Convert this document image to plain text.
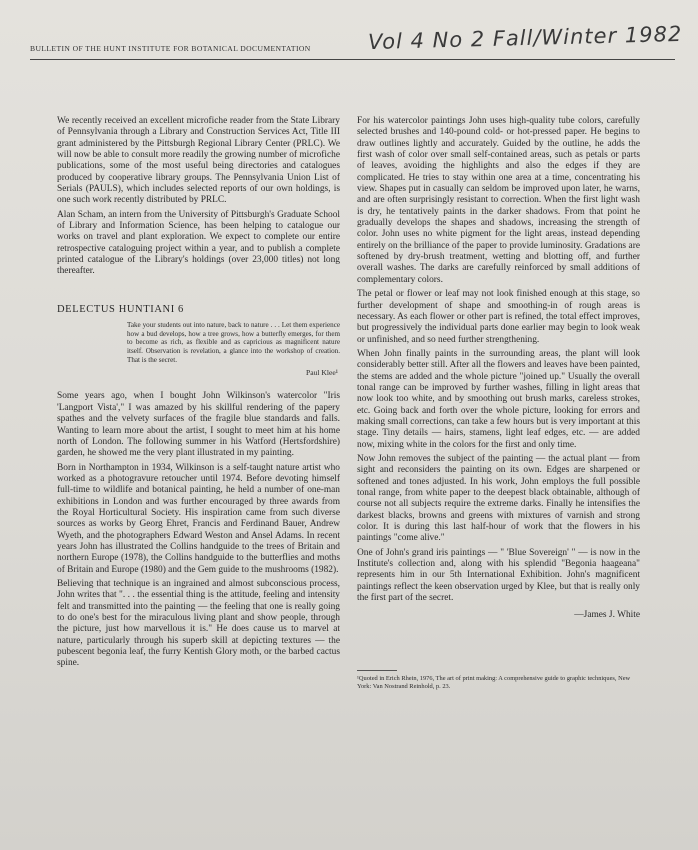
BULLETIN OF THE HUNT INSTITUTE FOR BOTANICAL DOCUMENTATION	Vol 4 No 2 Fall/Winter 1982

We recently received an excellent microfiche reader from the State Library of Pennsylvania through a Library and Construction Services Act, Title III grant administered by the Pittsburgh Regional Library Center (PRLC). We will now be able to consult more readily the growing number of microfiche publications, some of the most useful being directories and catalogues produced by cooperative library groups. The Pennsylvania Union List of Serials (PAULS), which includes selected reports of our own holdings, is one such work recently distributed by PRLC.

Alan Scham, an intern from the University of Pittsburgh's Graduate School of Library and Information Science, has been helping to catalogue our works on travel and plant exploration. We expect to complete our entire retrospective cataloguing project within a year, and to publish a complete printed catalogue of the Library's holdings (over 23,000 titles) not long thereafter.

DELECTUS HUNTIANI 6
Take your students out into nature, back to nature . . . Let them experience how a bud develops, how a tree grows, how a butterfly emerges, for them to become as rich, as flexible and as capricious as magnificent nature itself. Observation is revelation, a glance into the workshop of creation. That is the secret.
Paul Klee¹

Some years ago, when I bought John Wilkinson's watercolor "Iris 'Langport Vista'," I was amazed by his skillful rendering of the papery spathes and the velvety surfaces of the fragile blue standards and falls. Wanting to learn more about the artist, I sought to meet him at his home north of London. The following summer in his Watford (Hertsfordshire) garden, he showed me the very plant illustrated in my painting.

Born in Northampton in 1934, Wilkinson is a self-taught nature artist who worked as a photogravure retoucher until 1974. Before devoting himself full-time to wildlife and botanical painting, he held a number of one-man exhibitions in London and was further encouraged by three awards from the Royal Horticultural Society. His inspiration came from such diverse sources as works by Georg Ehret, Francis and Ferdinand Bauer, Andrew Wyeth, and the photographers Edward Weston and Ansel Adams. In recent years John has illustrated the Collins handguide to the trees of Britain and northern Europe (1978), the Collins handguide to the butterflies and moths of Britain and Europe (1980) and the Gem guide to the mushrooms (1982).

Believing that technique is an ingrained and almost subconscious process, John writes that ". . . the essential thing is the attitude, feeling and intensity felt and transmitted into the painting — the feeling that one is really going to do one's best for the miraculous living plant and show people, through the picture, just how marvellous it is." He does cause us to marvel at nature, particularly through his superb skill at depicting textures — the pubescent begonia leaf, the furry Kentish Glory moth, or the barbed cactus spine.

For his watercolor paintings John uses high-quality tube colors, carefully selected brushes and 140-pound cold- or hot-pressed paper. He begins to draw outlines lightly and accurately. Guided by the outline, he adds the first wash of color over small self-contained areas, such as petals or parts of leaves, avoiding the highlights and also the edges if they are complicated. He tries to stay within one area at a time, concentrating his view. Shapes put in casually can seldom be improved upon later, he warns, and are often surprisingly resistant to correction. When the first light wash is dry, he tentatively paints in the darker shadows. From that point he gradually develops the shapes and shadows, increasing the strength of color. John uses no white pigment for the light areas, instead depending entirely on the brilliance of the paper to provide luminosity. Gradations are softened by dry-brush treatment, wetting and blotting off, and further overall washes. The darks are carefully reinforced by small additions of complementary colors.

The petal or flower or leaf may not look finished enough at this stage, so further development of shape and smoothing-in of rough areas is necessary. As each flower or other part is refined, the total effect improves, but progressively the individual parts done earlier may begin to look weak or unfinished, and so need further strengthening.

When John finally paints in the surrounding areas, the plant will look considerably better still. After all the flowers and leaves have been painted, the stems are added and the whole picture "joined up." Usually the overall tonal range can be improved by further washes, filling in light areas that now look too white, and by smoothing out brush marks, careless strokes, etc. Going back and forth over the whole picture, looking for errors and making small corrections, can take a few hours but is very important at this stage. Tiny details — hairs, stamens, light leaf edges, etc. — are added now, mixing white in the colors for the first and only time.

Now John removes the subject of the painting — the actual plant — from sight and reconsiders the painting on its own. Edges are sharpened or softened and tones adjusted. In his work, John employs the full possible tonal range, from white paper to the deepest black obtainable, although of course not all subjects require the extreme darks. Finally he intensifies the darkest blacks, browns and greens with mixtures of varnish and strong color. It is during this last half-hour of work that the flowers in his paintings "come alive."

One of John's grand iris paintings — " 'Blue Sovereign' " — is now in the Institute's collection and, along with his splendid "Begonia haageana" represents him in our 5th International Exhibition. John's magnificent paintings reflect the keen observation urged by Klee, but that is really only the first part of the secret.

—James J. White
¹Quoted in Erich Rhein, 1976, The art of print making: A comprehensive guide to graphic techniques, New York: Van Nostrand Reinhold, p. 23.
